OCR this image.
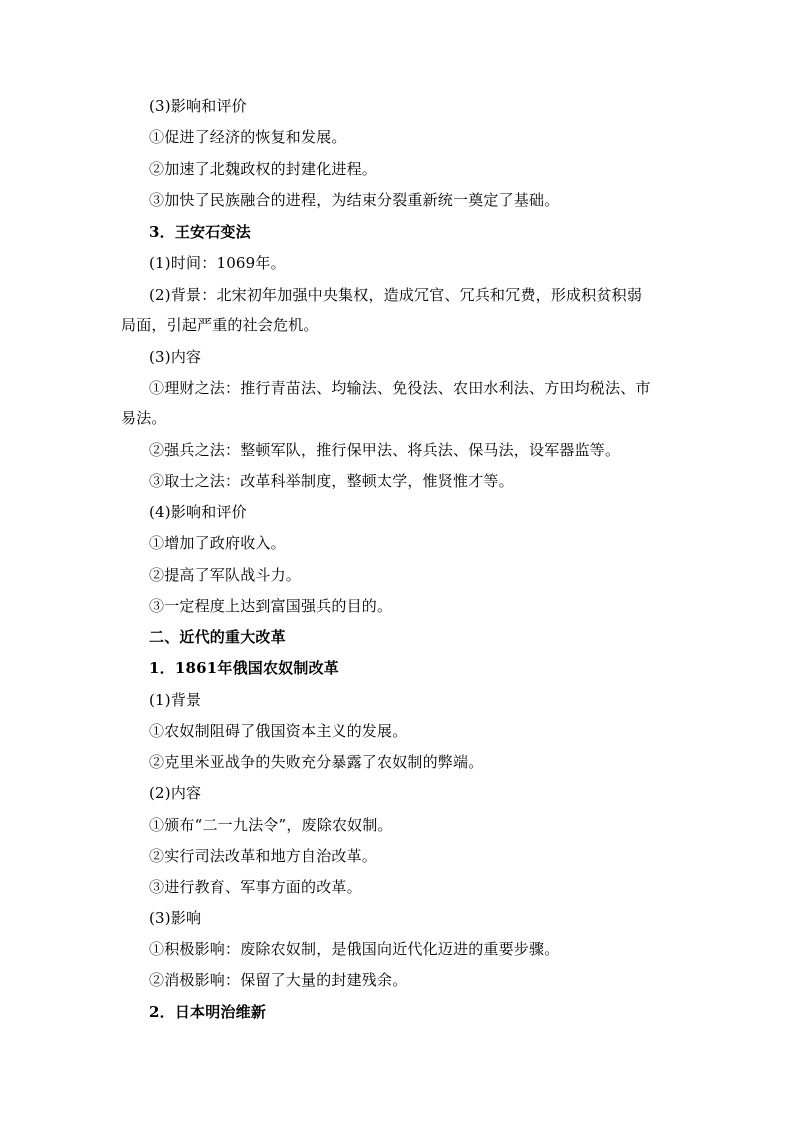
(3)影响和评价
①促进了经济的恢复和发展。
②加速了北魏政权的封建化进程。
③加快了民族融合的进程，为结束分裂重新统一奠定了基础。
3．王安石变法
(1)时间：1069年。
(2)背景：北宋初年加强中央集权，造成冗官、冗兵和冗费，形成积贫积弱
局面，引起严重的社会危机。
(3)内容
①理财之法：推行青苗法、均输法、免役法、农田水利法、方田均税法、市
易法。
②强兵之法：整顿军队，推行保甲法、将兵法、保马法，设军器监等。
③取士之法：改革科举制度，整顿太学，惟贤惟才等。
(4)影响和评价
①增加了政府收入。
②提高了军队战斗力。
③一定程度上达到富国强兵的目的。
二、近代的重大改革
1．1861年俄国农奴制改革
(1)背景
①农奴制阻碍了俄国资本主义的发展。
②克里米亚战争的失败充分暴露了农奴制的弊端。
(2)内容
①颁布“二一九法令”，废除农奴制。
②实行司法改革和地方自治改革。
③进行教育、军事方面的改革。
(3)影响
①积极影响：废除农奴制，是俄国向近代化迈进的重要步骤。
②消极影响：保留了大量的封建残余。
2．日本明治维新
